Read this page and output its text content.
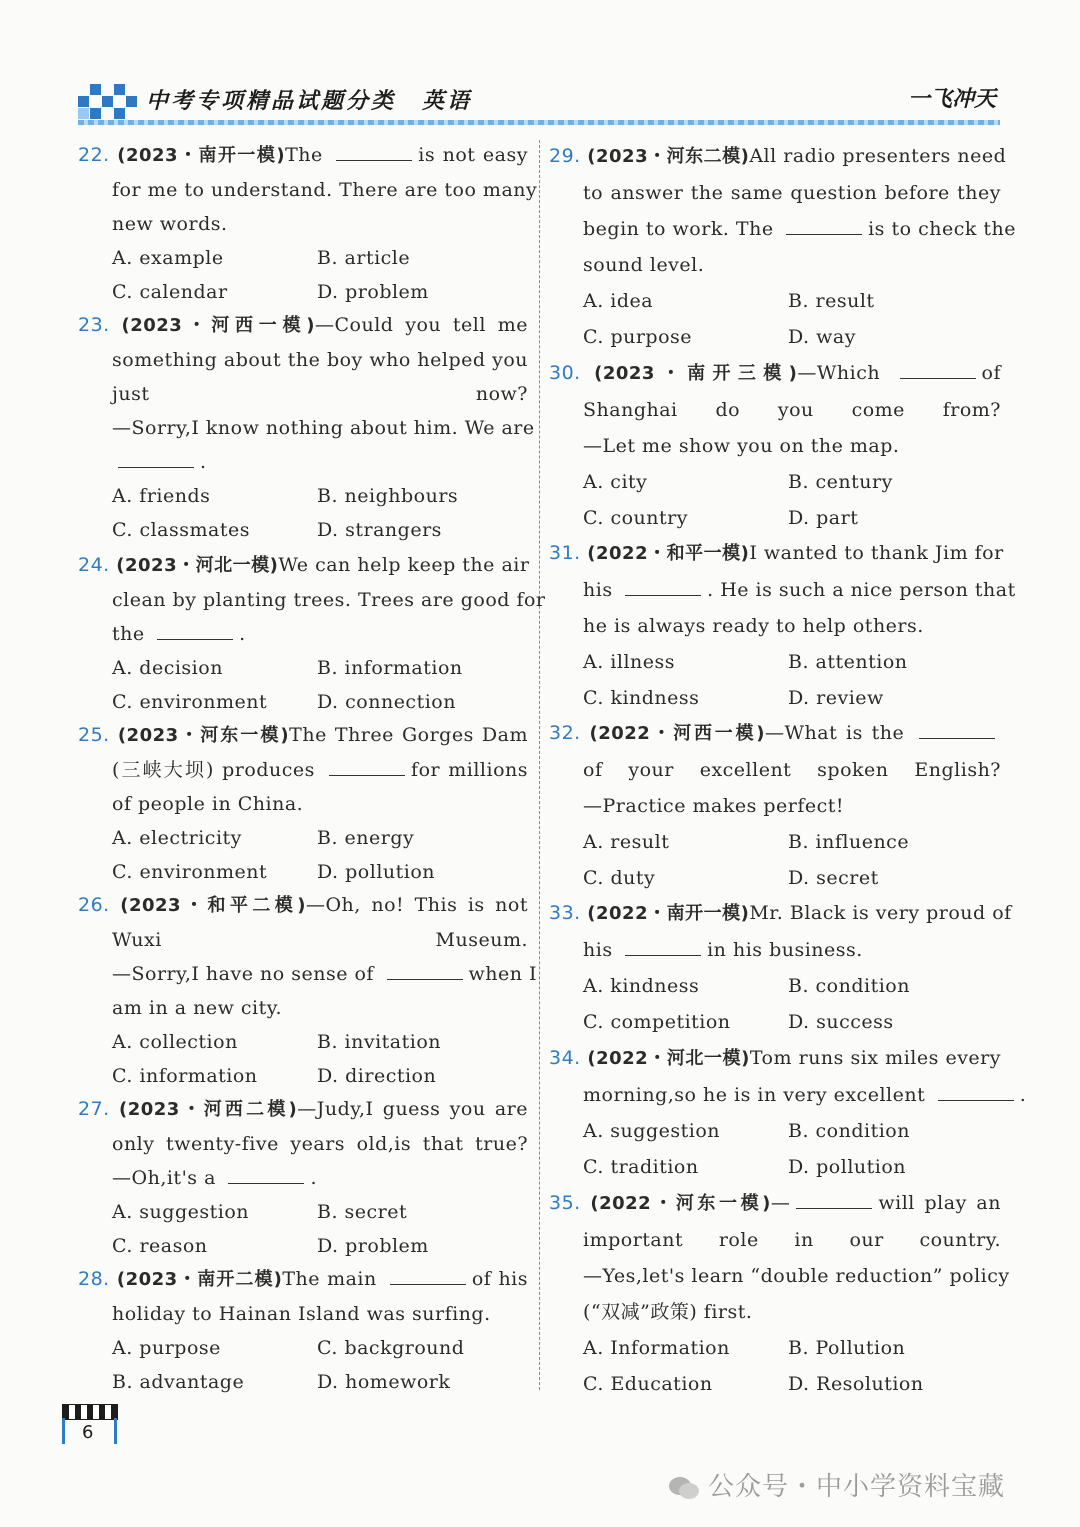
中考专项精品试题分类 英语	一飞冲天
22. (2023・南开一模)The	is not easy
for me to understand. There are too many
new words.
A. example	B. article
C. calendar	D. problem
23. (2023・河西一模)—Could you tell me
something about the boy who helped you
just now?
—Sorry,I know nothing about him. We are
.
A. friends	B. neighbours
C. classmates	D. strangers
24. (2023・河北一模)We can help keep the air
clean by planting trees. Trees are good for
the	.
A. decision	B. information
C. environment	D. connection
25. (2023・河东一模)The Three Gorges Dam
(三峡大坝) produces	for millions
of people in China.
A. electricity	B. energy
C. environment	D. pollution
26. (2023・和平二模)—Oh, no! This is not
Wuxi Museum.
—Sorry,I have no sense of	when I
am in a new city.
A. collection	B. invitation
C. information	D. direction
27. (2023・河西二模)—Judy,I guess you are
only twenty-five years old,is that true?
—Oh,it's a	.
A. suggestion	B. secret
C. reason	D. problem
28. (2023・南开二模)The main	of his
holiday to Hainan Island was surfing.
A. purpose	C. background
B. advantage	D. homework
29. (2023・河东二模)All radio presenters need
to answer the same question before they
begin to work. The	is to check the
sound level.
A. idea	B. result
C. purpose	D. way
30. (2023・南开三模)—Which	of
Shanghai do you come from?
—Let me show you on the map.
A. city	B. century
C. country	D. part
31. (2022・和平一模)I wanted to thank Jim for
his	. He is such a nice person that
he is always ready to help others.
A. illness	B. attention
C. kindness	D. review
32. (2022・河西一模)—What is the
of your excellent spoken English?
—Practice makes perfect!
A. result	B. influence
C. duty	D. secret
33. (2022・南开一模)Mr. Black is very proud of
his	in his business.
A. kindness	B. condition
C. competition	D. success
34. (2022・河北一模)Tom runs six miles every
morning,so he is in very excellent	.
A. suggestion	B. condition
C. tradition	D. pollution
35. (2022・河东一模)—	will play an
important role in our country.
—Yes,let's learn “double reduction” policy
(“双减”政策) first.
A. Information	B. Pollution
C. Education	D. Resolution
6
公众号・中小学资料宝藏
